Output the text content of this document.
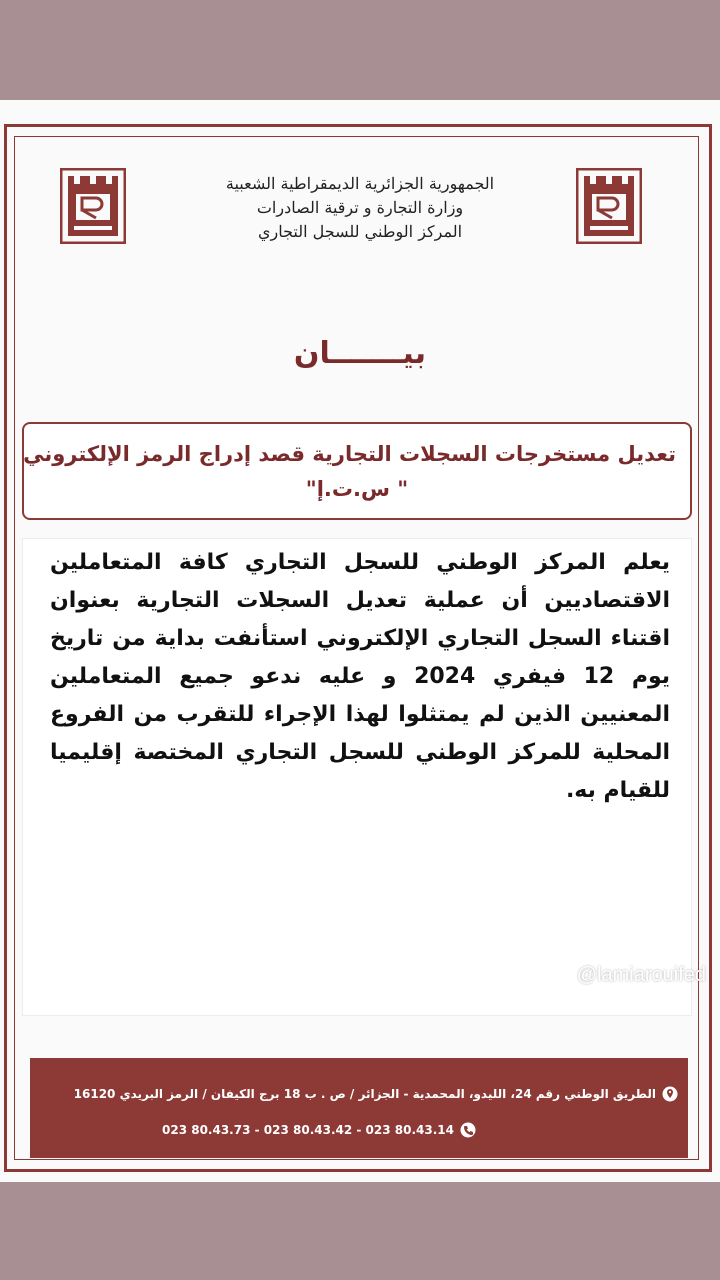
الجمهورية الجزائرية الديمقراطية الشعبية
وزارة التجارة و ترقية الصادرات
المركز الوطني للسجل التجاري
بيـــــــان
تعديل مستخرجات السجلات التجارية قصد إدراج الرمز الإلكتروني
" س.ت.إ"
يعلم المركز الوطني للسجل التجاري كافة المتعاملين الاقتصاديين أن عملية تعديل السجلات التجارية بعنوان اقتناء السجل التجاري الإلكتروني استأنفت بداية من تاريخ يوم 12 فيفري 2024 و عليه ندعو جميع المتعاملين المعنيين الذين لم يمتثلوا لهذا الإجراء للتقرب من الفروع المحلية للمركز الوطني للسجل التجاري المختصة إقليميا للقيام به.
@lamiarouifed
الطريق الوطني رقم 24، الليدو، المحمدية - الجزائر / ص . ب 18 برج الكيفان / الرمز البريدي 16120
023 80.43.73 - 023 80.43.42 - 023 80.43.14
